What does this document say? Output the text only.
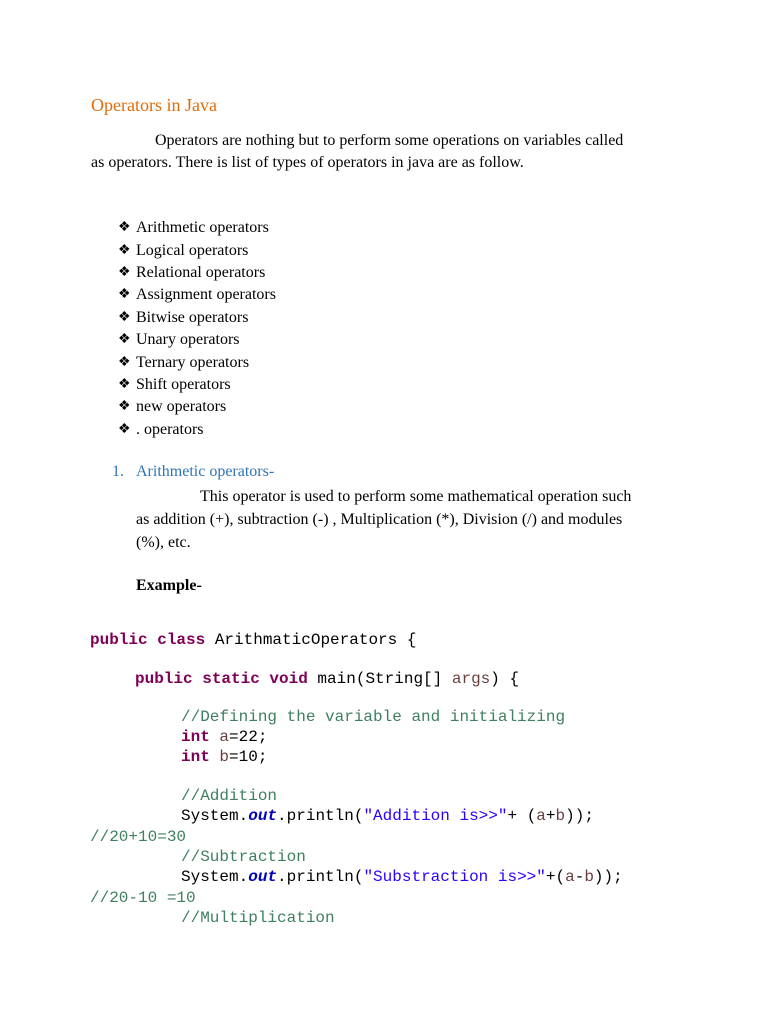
Operators in Java
Operators are nothing but to perform some operations on variables called
as operators. There is list of types of operators in java are as follow.
❖ Arithmetic operators
❖ Logical operators
❖ Relational operators
❖ Assignment operators
❖ Bitwise operators
❖ Unary operators
❖ Ternary operators
❖ Shift operators
❖ new operators
❖ . operators
1. Arithmetic operators-
This operator is used to perform some mathematical operation such
as addition (+), subtraction (-) , Multiplication (*), Division (/) and modules
(%), etc.
Example-
public class ArithmaticOperators {
public static void main(String[] args) {
//Defining the variable and initializing
int a=22;
int b=10;
//Addition
System.out.println("Addition is>>"+ (a+b));
//20+10=30
//Subtraction
System.out.println("Substraction is>>"+(a-b));
//20-10 =10
//Multiplication
